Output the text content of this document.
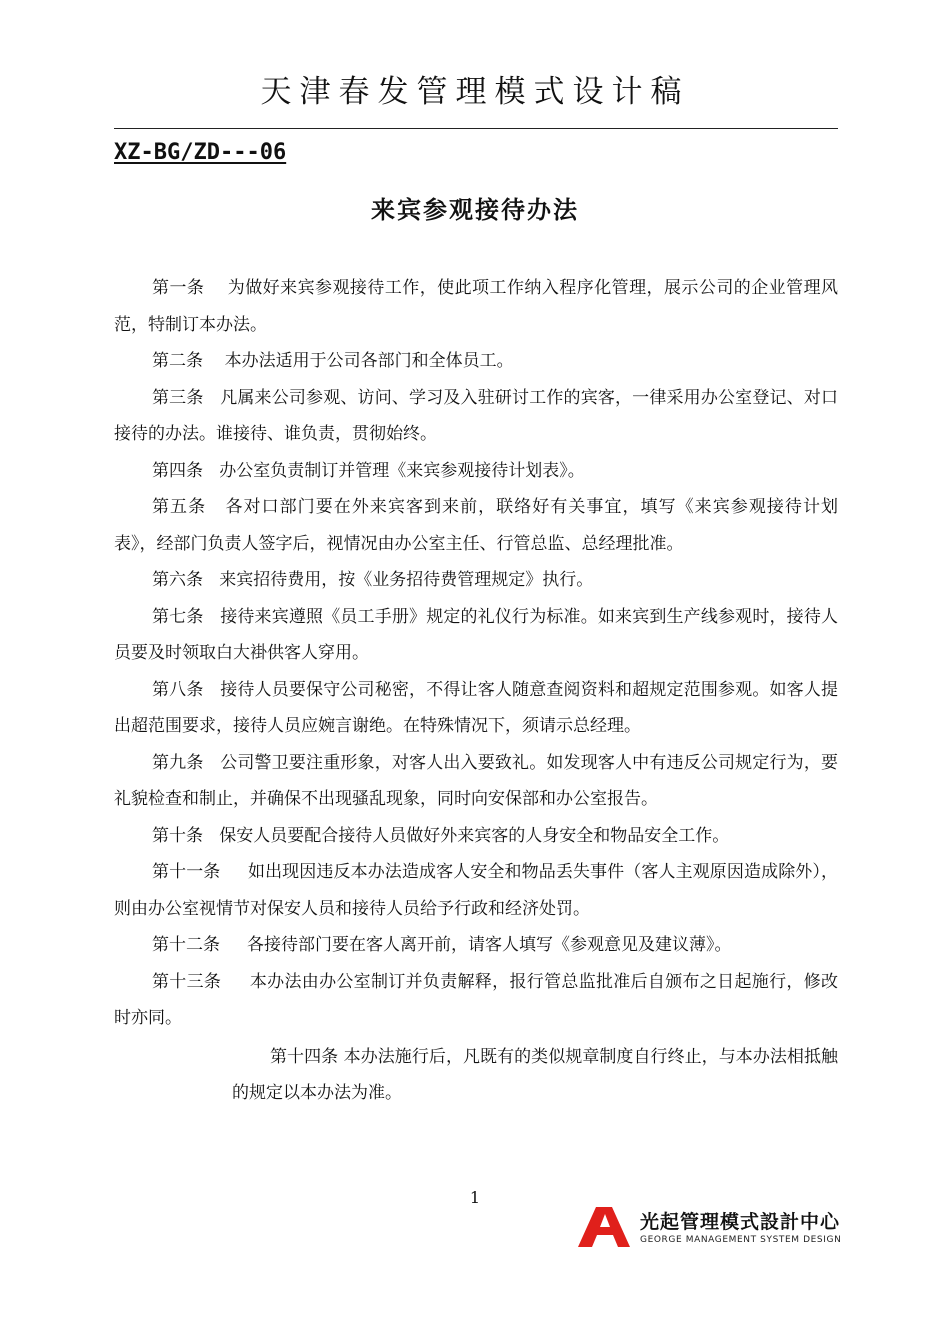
天津春发管理模式设计稿
XZ-BG/ZD---06
来宾参观接待办法

第一条 为做好来宾参观接待工作，使此项工作纳入程序化管理，展示公司的企业管理风范，特制订本办法。

第二条 本办法适用于公司各部门和全体员工。

第三条 凡属来公司参观、访问、学习及入驻研讨工作的宾客，一律采用办公室登记、对口接待的办法。谁接待、谁负责，贯彻始终。

第四条 办公室负责制订并管理《来宾参观接待计划表》。

第五条 各对口部门要在外来宾客到来前，联络好有关事宜，填写《来宾参观接待计划表》，经部门负责人签字后，视情况由办公室主任、行管总监、总经理批准。

第六条 来宾招待费用，按《业务招待费管理规定》执行。

第七条 接待来宾遵照《员工手册》规定的礼仪行为标准。如来宾到生产线参观时，接待人员要及时领取白大褂供客人穿用。

第八条 接待人员要保守公司秘密，不得让客人随意查阅资料和超规定范围参观。如客人提出超范围要求，接待人员应婉言谢绝。在特殊情况下，须请示总经理。

第九条 公司警卫要注重形象，对客人出入要致礼。如发现客人中有违反公司规定行为，要礼貌检查和制止，并确保不出现骚乱现象，同时向安保部和办公室报告。

第十条 保安人员要配合接待人员做好外来宾客的人身安全和物品安全工作。

第十一条 如出现因违反本办法造成客人安全和物品丢失事件（客人主观原因造成除外），则由办公室视情节对保安人员和接待人员给予行政和经济处罚。

第十二条 各接待部门要在客人离开前，请客人填写《参观意见及建议薄》。

第十三条 本办法由办公室制订并负责解释，报行管总监批准后自颁布之日起施行，修改时亦同。

第十四条 本办法施行后，凡既有的类似规章制度自行终止，与本办法相抵触的规定以本办法为准。

1
光起管理模式設計中心
GEORGE MANAGEMENT SYSTEM DESIGN
